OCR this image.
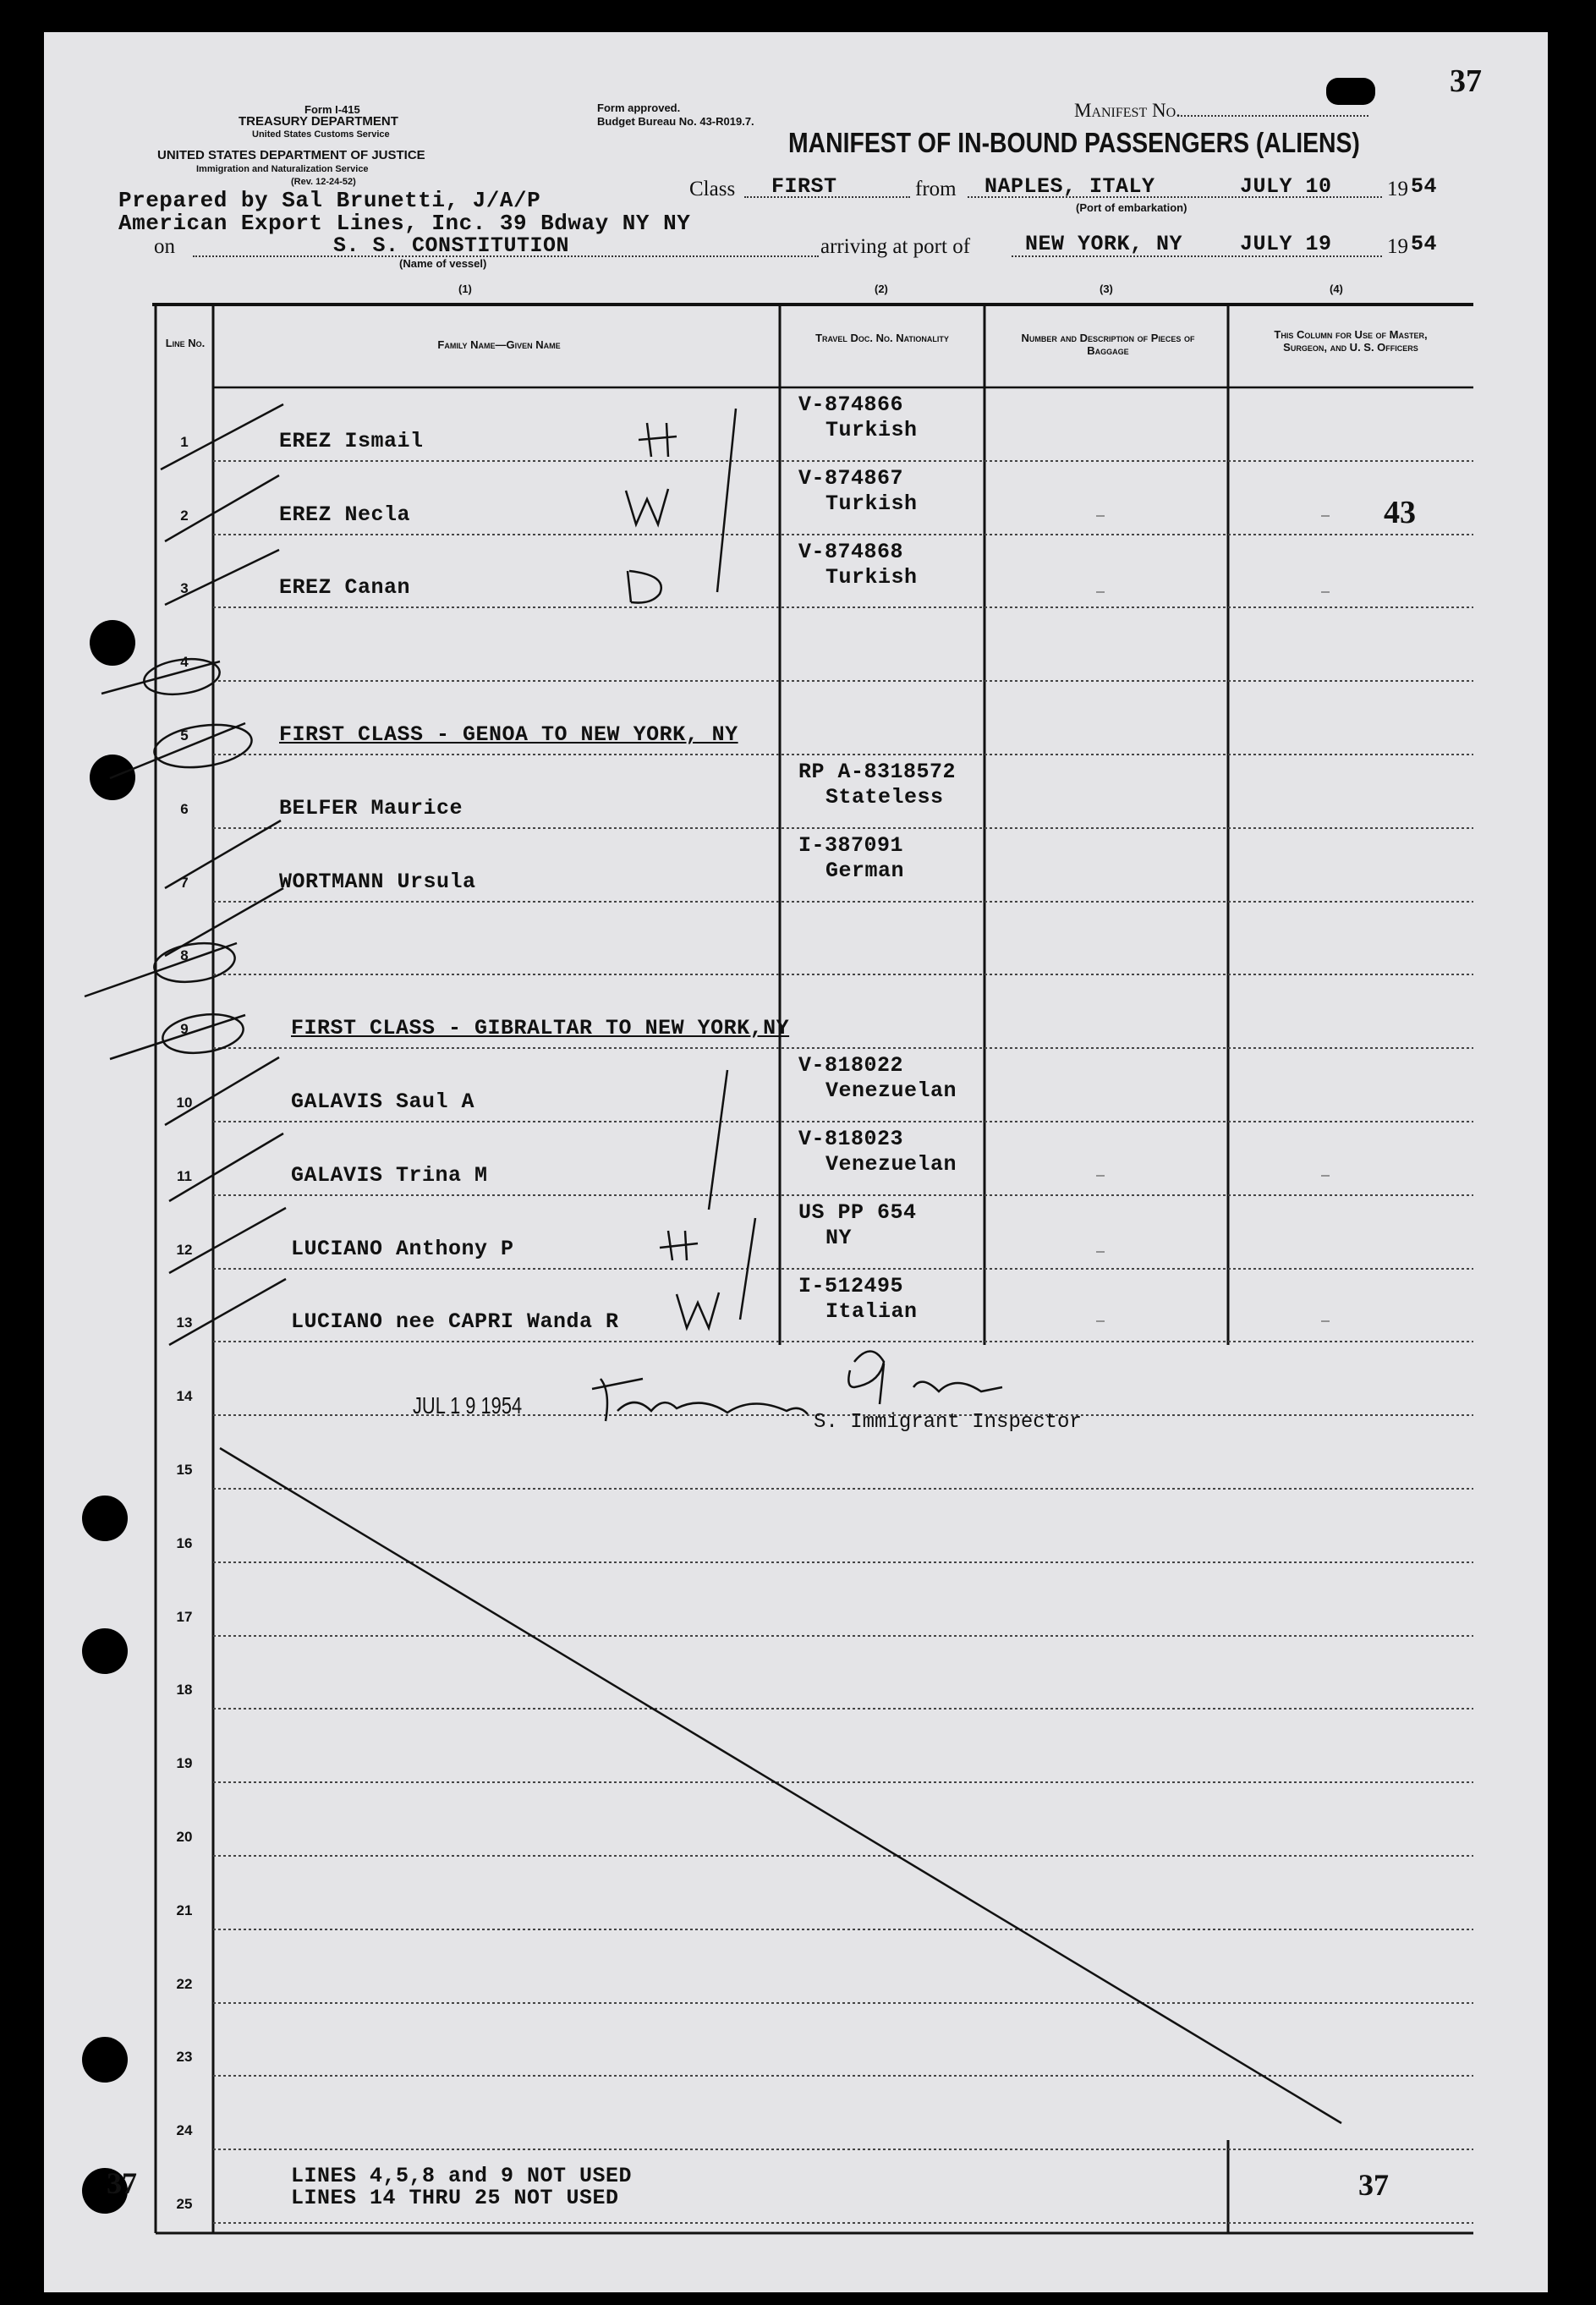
37
Form I-415
TREASURY DEPARTMENT
United States Customs Service
UNITED STATES DEPARTMENT OF JUSTICE
Immigration and Naturalization Service
(Rev. 12-24-52)
Form approved.
Budget Bureau No. 43-R019.7.
Manifest No.
MANIFEST OF IN-BOUND PASSENGERS (ALIENS)
Prepared by Sal Brunetti, J/A/P
American Export Lines, Inc. 39 Bdway NY NY
Class FIRST	from NAPLES, ITALY	JULY 10	19 54
(Port of embarkation)
on	S. S. CONSTITUTION
(Name of vessel)
arriving at port of	NEW YORK, NY	JULY 19	19 54
(1)	(2)	(3)	(4)
Line No.	Family Name—Given Name
Travel Doc. No. Nationality	Number and Description of Pieces of Baggage
This Column for Use of Master, Surgeon, and U. S. Officers
1	EREZ Ismail
V-874866
Turkish
2	EREZ Necla
V-874867
Turkish
3	EREZ Canan
V-874868
Turkish
4
5	FIRST CLASS - GENOA TO NEW YORK, NY
6	BELFER Maurice
RP A-8318572
Stateless
7	WORTMANN Ursula
I-387091
German
8
9	FIRST CLASS - GIBRALTAR TO NEW YORK,NY
10	GALAVIS Saul A
V-818022
Venezuelan
11	GALAVIS Trina M
V-818023
Venezuelan
12	LUCIANO Anthony P
US PP 654
NY
13	LUCIANO nee CAPRI Wanda R
I-512495
Italian
14
15
16
17
18
19
20
21
22
23
24
25
43
JUL 1 9 1954
S. Immigrant Inspector
LINES 4,5,8 and 9 NOT USED
LINES 14 THRU 25 NOT USED
37	37
